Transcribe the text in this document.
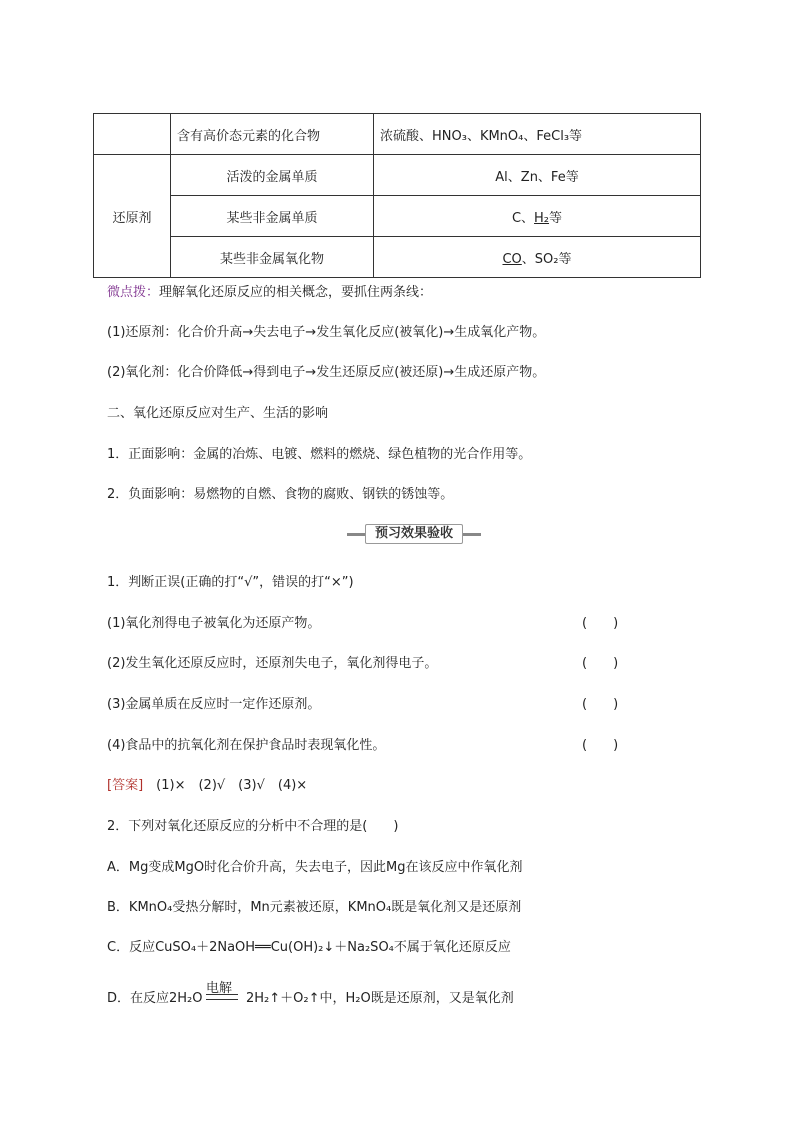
	含有高价态元素的化合物	浓硫酸、HNO₃、KMnO₄、FeCl₃等
还原剂	活泼的金属单质	Al、Zn、Fe等
	某些非金属单质	C、H₂等
	某些非金属氧化物	CO、SO₂等
微点拨：理解氧化还原反应的相关概念，要抓住两条线：
(1)还原剂：化合价升高→失去电子→发生氧化反应(被氧化)→生成氧化产物。
(2)氧化剂：化合价降低→得到电子→发生还原反应(被还原)→生成还原产物。
二、氧化还原反应对生产、生活的影响
1．正面影响：金属的冶炼、电镀、燃料的燃烧、绿色植物的光合作用等。
2．负面影响：易燃物的自燃、食物的腐败、钢铁的锈蚀等。
预习效果验收
1．判断正误(正确的打“√”，错误的打“×”)
(1)氧化剂得电子被氧化为还原产物。	(　　)
(2)发生氧化还原反应时，还原剂失电子，氧化剂得电子。	(　　)
(3)金属单质在反应时一定作还原剂。	(　　)
(4)食品中的抗氧化剂在保护食品时表现氧化性。	(　　)
[答案]　 (1)×　(2)√　(3)√　(4)×
2．下列对氧化还原反应的分析中不合理的是(　　)
A．Mg变成MgO时化合价升高，失去电子，因此Mg在该反应中作氧化剂
B．KMnO₄受热分解时，Mn元素被还原，KMnO₄既是氧化剂又是还原剂
C．反应CuSO₄＋2NaOH══Cu(OH)₂↓＋Na₂SO₄不属于氧化还原反应
D．在反应2H₂O
电解
2H₂↑＋O₂↑中，H₂O既是还原剂，又是氧化剂
